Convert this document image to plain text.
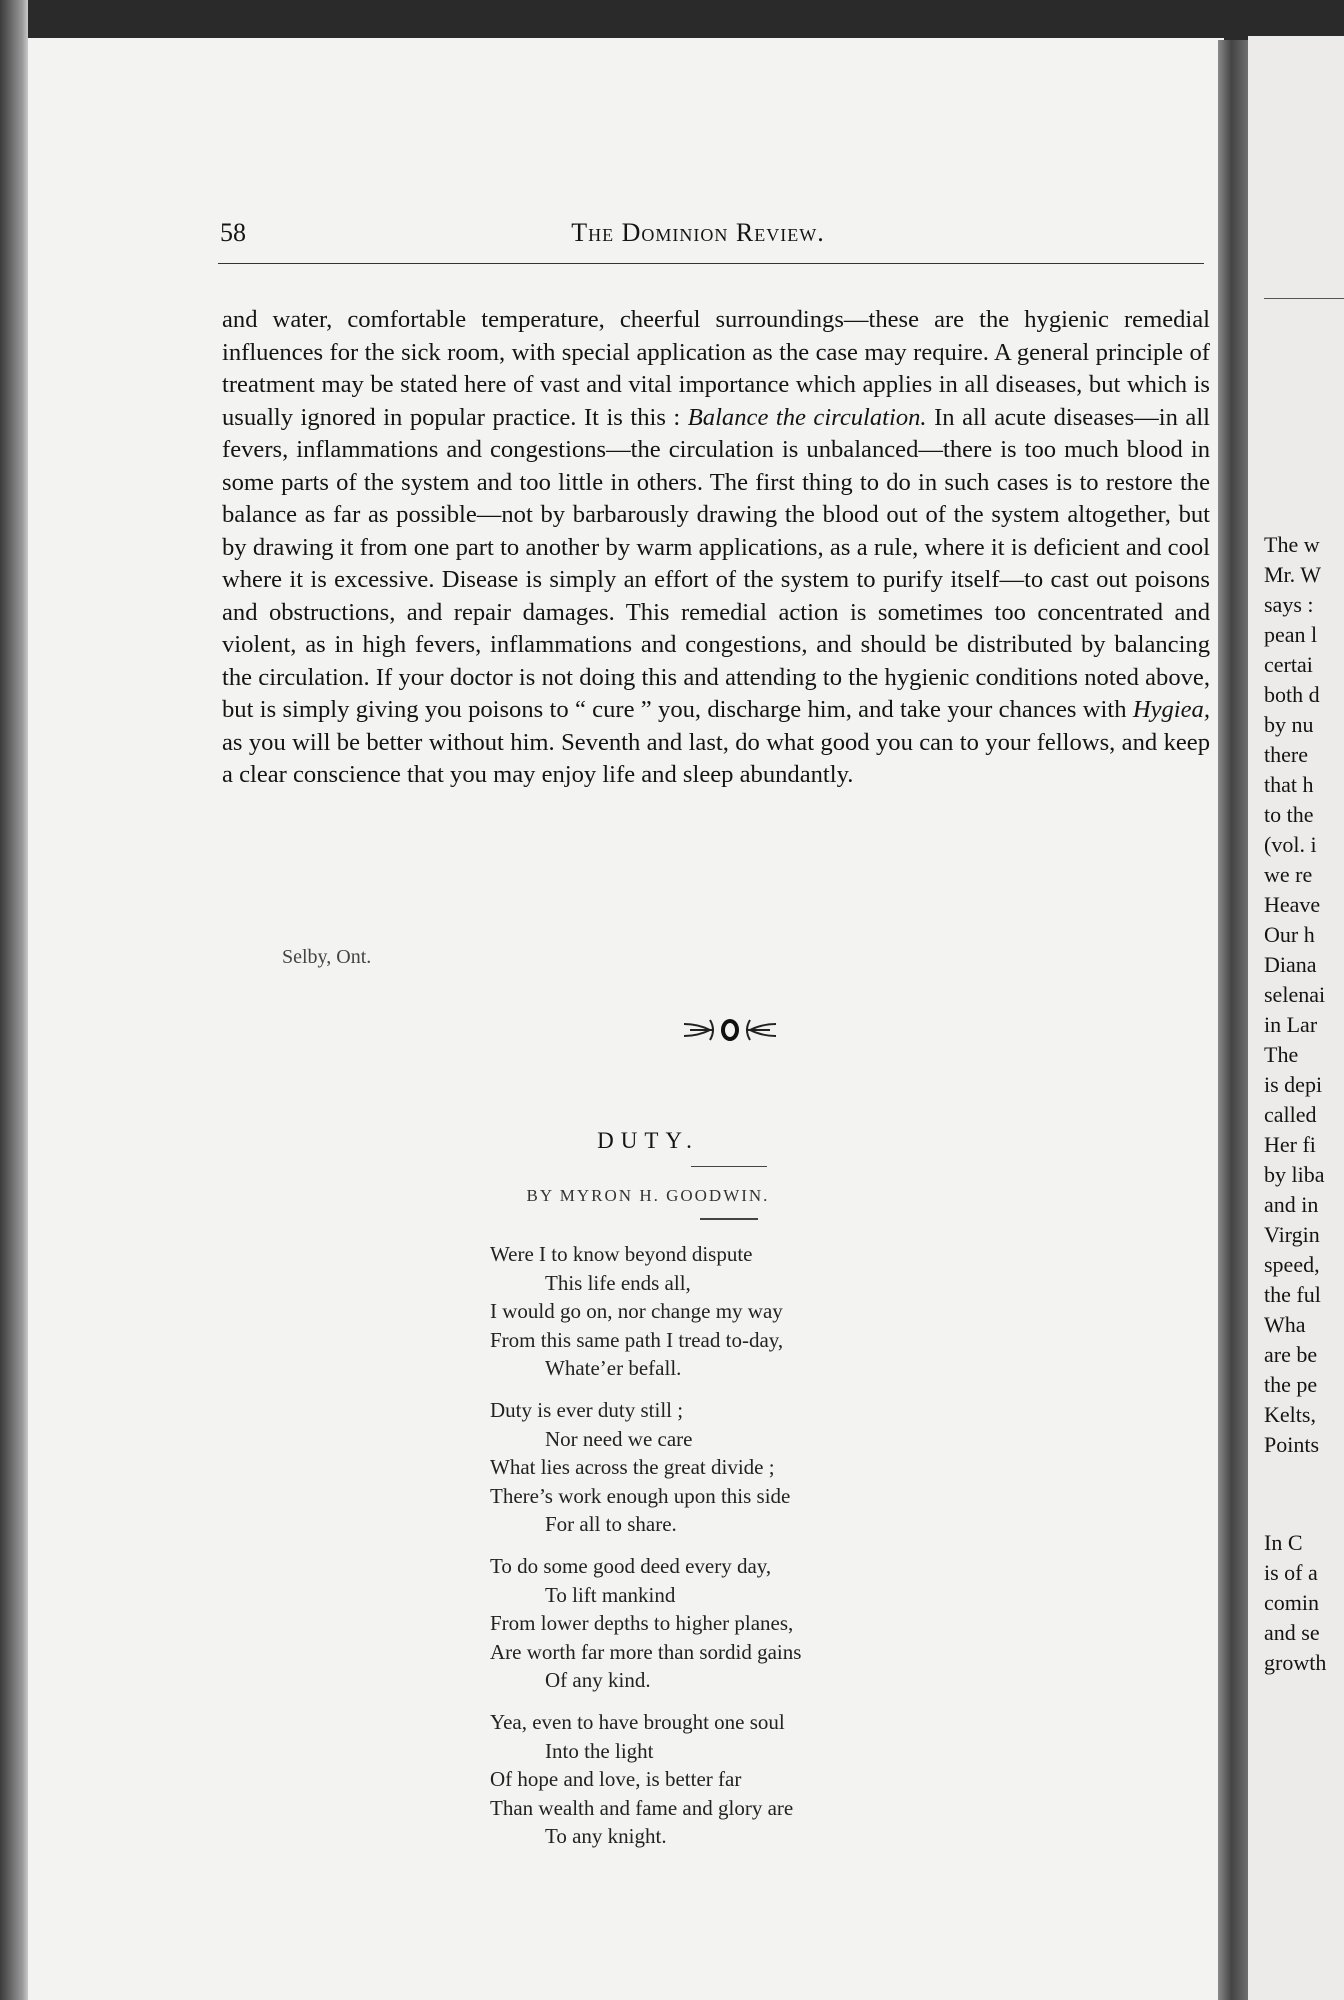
58	The Dominion Review.

and water, comfortable temperature, cheerful surroundings—these are the hygienic remedial influences for the sick room, with special application as the case may require. A general principle of treatment may be stated here of vast and vital importance which applies in all diseases, but which is usually ignored in popular practice. It is this : Balance the circulation. In all acute diseases—in all fevers, inflammations and congestions—the circulation is unbalanced—there is too much blood in some parts of the system and too little in others. The first thing to do in such cases is to restore the balance as far as possible—not by barbarously drawing the blood out of the system altogether, but by drawing it from one part to another by warm applications, as a rule, where it is deficient and cool where it is excessive. Disease is simply an effort of the system to purify itself—to cast out poisons and obstructions, and repair damages. This remedial action is sometimes too concentrated and violent, as in high fevers, inflammations and congestions, and should be distributed by balancing the circulation. If your doctor is not doing this and attending to the hygienic conditions noted above, but is simply giving you poisons to “ cure ” you, discharge him, and take your chances with Hygiea, as you will be better without him. Seventh and last, do what good you can to your fellows, and keep a clear conscience that you may enjoy life and sleep abundantly.

Selby, Ont.
DUTY.
BY MYRON H. GOODWIN.
Were I to know beyond dispute
This life ends all,
I would go on, nor change my way
From this same path I tread to-day,
Whate’er befall.
Duty is ever duty still ;
Nor need we care
What lies across the great divide ;
There’s work enough upon this side
For all to share.
To do some good deed every day,
To lift mankind
From lower depths to higher planes,
Are worth far more than sordid gains
Of any kind.
Yea, even to have brought one soul
Into the light
Of hope and love, is better far
Than wealth and fame and glory are
To any knight.
The w
Mr. W
says :
pean l
certai
both d
by nu
there
that h
to the
(vol. i
we re
Heave
Our h
Diana
selenai
in Lar
The
is depi
called
Her fi
by liba
and in
Virgin
speed,
the ful
Wha
are be
the pe
Kelts,
Points
In C
is of a
comin
and se
growth
